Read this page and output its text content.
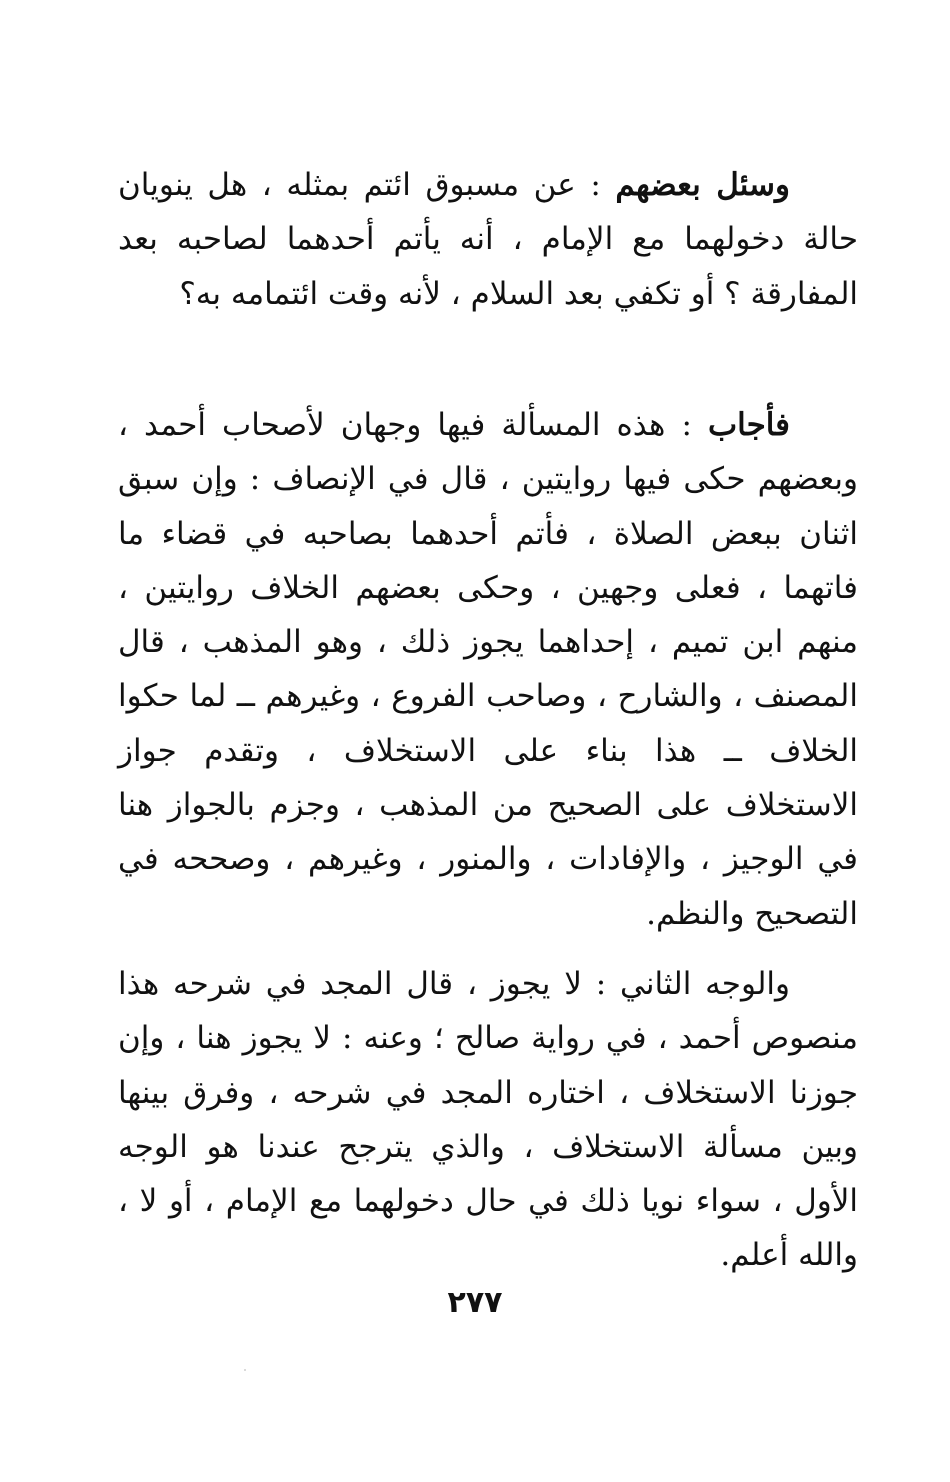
وسئل بعضهم : عن مسبوق ائتم بمثله ، هل ينويان حالة دخولهما مع الإمام ، أنه يأتم أحدهما لصاحبه بعد المفارقة ؟ أو تكفي بعد السلام ، لأنه وقت ائتمامه به؟

فأجاب : هذه المسألة فيها وجهان لأصحاب أحمد ، وبعضهم حكى فيها روايتين ، قال في الإنصاف : وإن سبق اثنان ببعض الصلاة ، فأتم أحدهما بصاحبه في قضاء ما فاتهما ، فعلى وجهين ، وحكى بعضهم الخلاف روايتين ، منهم ابن تميم ، إحداهما يجوز ذلك ، وهو المذهب ، قال المصنف ، والشارح ، وصاحب الفروع ، وغيرهم ــ لما حكوا الخلاف ــ هذا بناء على الاستخلاف ، وتقدم جواز الاستخلاف على الصحيح من المذهب ، وجزم بالجواز هنا في الوجيز ، والإفادات ، والمنور ، وغيرهم ، وصححه في التصحيح والنظم.

والوجه الثاني : لا يجوز ، قال المجد في شرحه هذا منصوص أحمد ، في رواية صالح ؛ وعنه : لا يجوز هنا ، وإن جوزنا الاستخلاف ، اختاره المجد في شرحه ، وفرق بينها وبين مسألة الاستخلاف ، والذي يترجح عندنا هو الوجه الأول ، سواء نويا ذلك في حال دخولهما مع الإمام ، أو لا ، والله أعلم.

٢٧٧
